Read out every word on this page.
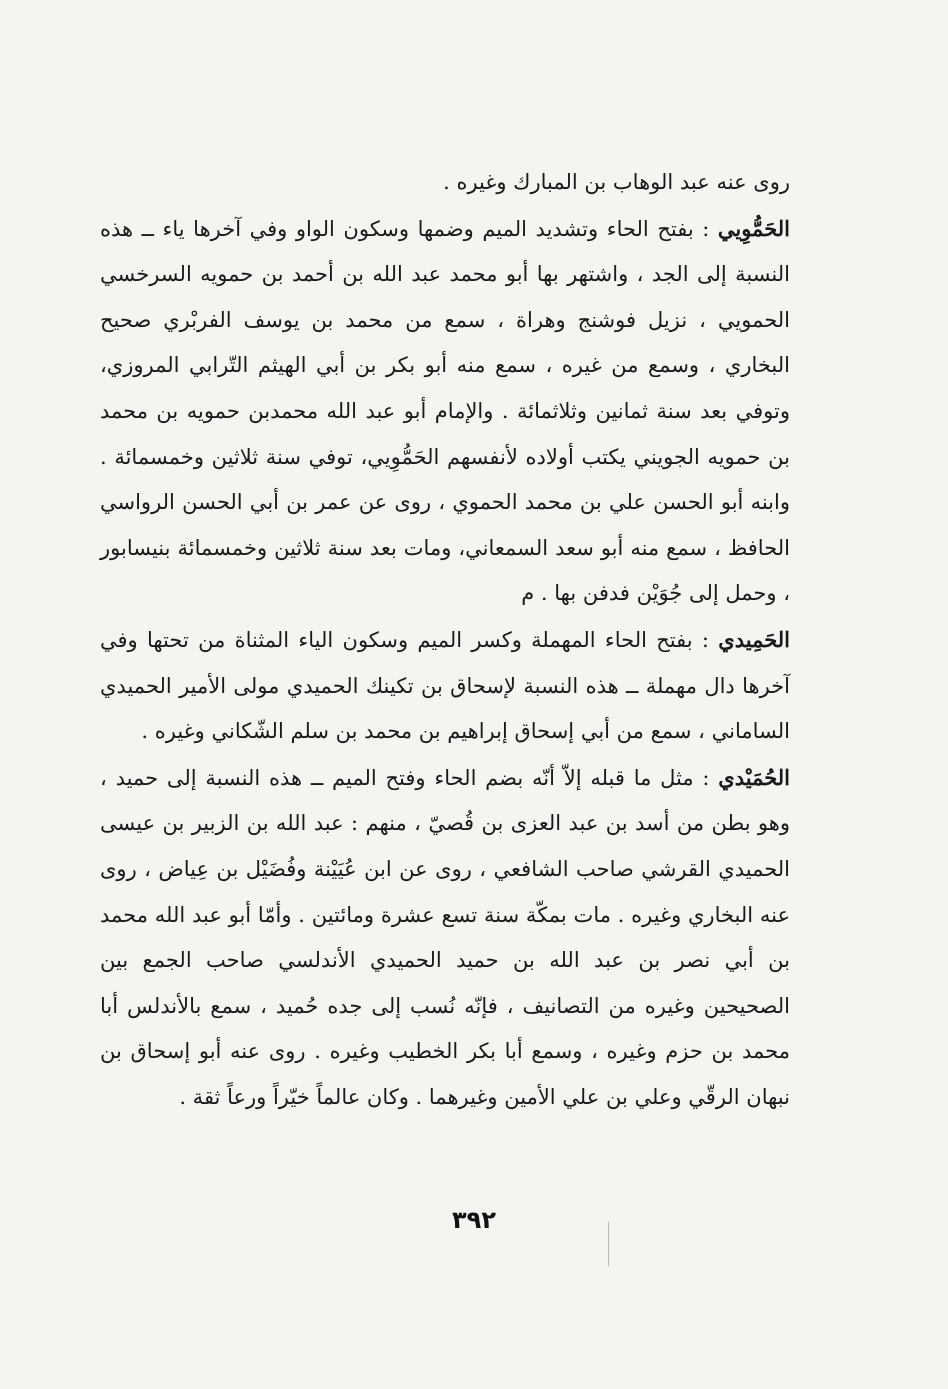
روى عنه عبد الوهاب بن المبارك وغيره .

الحَمُّوِيي : بفتح الحاء وتشديد الميم وضمها وسكون الواو وفي آخرها ياء ــ هذه النسبة إلى الجد ، واشتهر بها أبو محمد عبد الله بن أحمد بن حمويه السرخسي الحمويي ، نزيل فوشنج وهراة ، سمع من محمد بن يوسف الفربْري صحيح البخاري ، وسمع من غيره ، سمع منه أبو بكر بن أبي الهيثم التّرابي المروزي، وتوفي بعد سنة ثمانين وثلاثمائة . والإمام أبو عبد الله محمدبن حمويه بن محمد بن حمويه الجويني يكتب أولاده لأنفسهم الحَمُّوِيي، توفي سنة ثلاثين وخمسمائة . وابنه أبو الحسن علي بن محمد الحموي ، روى عن عمر بن أبي الحسن الرواسي الحافظ ، سمع منه أبو سعد السمعاني، ومات بعد سنة ثلاثين وخمسمائة بنيسابور ، وحمل إلى جُوَيْن فدفن بها . م

الحَمِيدي : بفتح الحاء المهملة وكسر الميم وسكون الياء المثناة من تحتها وفي آخرها دال مهملة ــ هذه النسبة لإسحاق بن تكينك الحميدي مولى الأمير الحميدي الساماني ، سمع من أبي إسحاق إبراهيم بن محمد بن سلم الشّكاني وغيره .

الحُمَيْدي : مثل ما قبله إلاّ أنّه بضم الحاء وفتح الميم ــ هذه النسبة إلى حميد ، وهو بطن من أسد بن عبد العزى بن قُصيّ ، منهم : عبد الله بن الزبير بن عيسى الحميدي القرشي صاحب الشافعي ، روى عن ابن عُيَيْنة وفُضَيْل بن عِياض ، روى عنه البخاري وغيره . مات بمكّة سنة تسع عشرة ومائتين . وأمّا أبو عبد الله محمد بن أبي نصر بن عبد الله بن حميد الحميدي الأندلسي صاحب الجمع بين الصحيحين وغيره من التصانيف ، فإنّه نُسب إلى جده حُميد ، سمع بالأندلس أبا محمد بن حزم وغيره ، وسمع أبا بكر الخطيب وغيره . روى عنه أبو إسحاق بن نبهان الرقّي وعلي بن علي الأمين وغيرهما . وكان عالماً خيّراً ورعاً ثقة .

٣٩٢
